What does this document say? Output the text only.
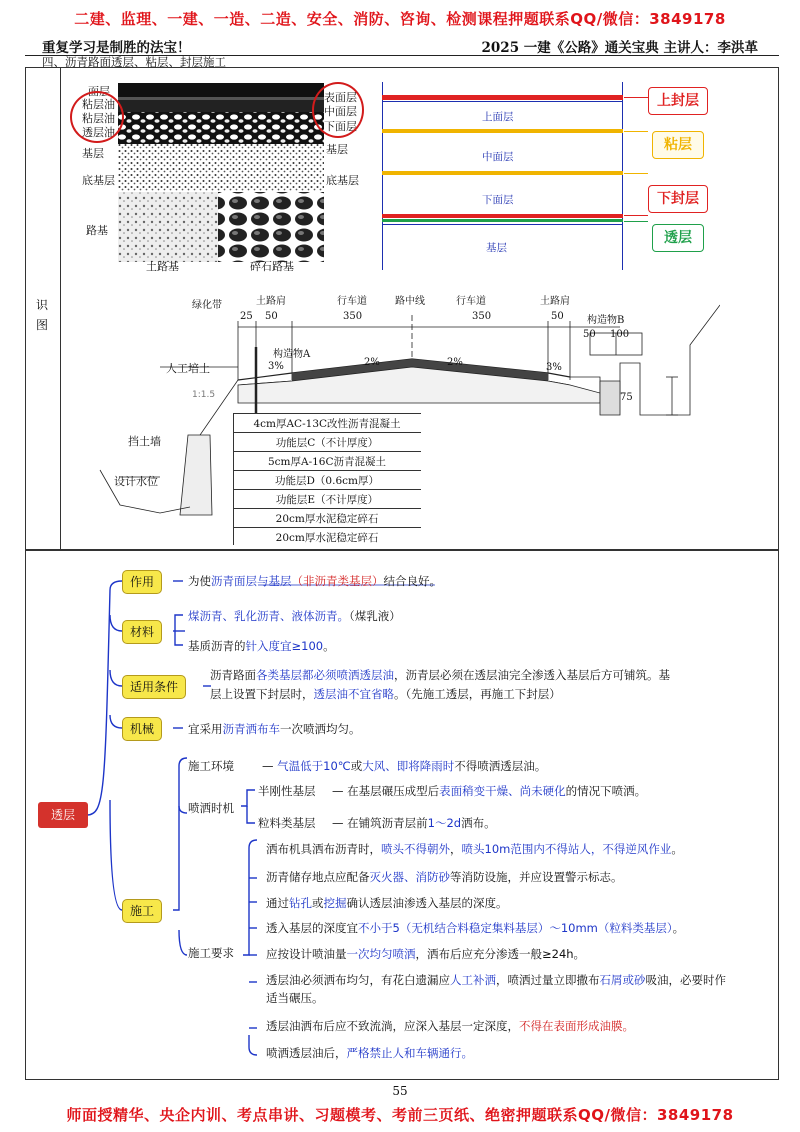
二建、监理、一建、一造、二造、安全、消防、咨询、检测课程押题联系QQ/微信：3849178
重复学习是制胜的法宝！	2025 一建《公路》通关宝典 主讲人：李洪革
四、沥青路面透层、粘层、封层施工
识
图
面层
粘层油
粘层油
透层油
基层
底基层
路基
表面层
中面层
下面层
基层
底基层
土路基	碎石路基
上面层
中面层
下面层
基层
上封层
粘层
下封层
透层
绿化带	土路肩	行车道	路中线	行车道	土路肩
25 50	350	350	50 构造物B
50 100
构造物A
3%	2%	2%	3%
人工培土
1:1.5
挡土墙
设计水位
75
4cm厚AC-13C改性沥青混凝土
功能层C（不计厚度）
5cm厚A-16C沥青混凝土
功能层D（0.6cm厚）
功能层E（不计厚度）
20cm厚水泥稳定碎石
20cm厚水泥稳定碎石
透层
作用	为使沥青面层与基层（非沥青类基层）结合良好。
材料
煤沥青、乳化沥青、液体沥青。（煤乳液）
基质沥青的针入度宜≥100。
适用条件
沥青路面各类基层都必须喷洒透层油，沥青层必须在透层油完全渗透入基层后方可铺筑。基
层上设置下封层时，透层油不宜省略。（先施工透层，再施工下封层）
机械	宜采用沥青洒布车一次喷洒均匀。
施工
施工环境 — 气温低于10℃或大风、即将降雨时不得喷洒透层油。
喷洒时机
半刚性基层 — 在基层碾压成型后表面稍变干燥、尚未硬化的情况下喷洒。
粒料类基层 — 在铺筑沥青层前1～2d洒布。
施工要求
洒布机具洒布沥青时，喷头不得朝外，喷头10m范围内不得站人，不得逆风作业。
沥青储存地点应配备灭火器、消防砂等消防设施，并应设置警示标志。
通过钻孔或挖掘确认透层油渗透入基层的深度。
透入基层的深度宜不小于5（无机结合料稳定集料基层）～10mm（粒料类基层）。
应按设计喷油量一次均匀喷洒，洒布后应充分渗透一般≥24h。
透层油必须洒布均匀，有花白遗漏应人工补洒，喷洒过量立即撒布石屑或砂吸油，必要时作
适当碾压。
透层油洒布后应不致流淌，应深入基层一定深度，不得在表面形成油膜。
喷洒透层油后，严格禁止人和车辆通行。
55
师面授精华、央企内训、考点串讲、习题模考、考前三页纸、绝密押题联系QQ/微信：3849178
